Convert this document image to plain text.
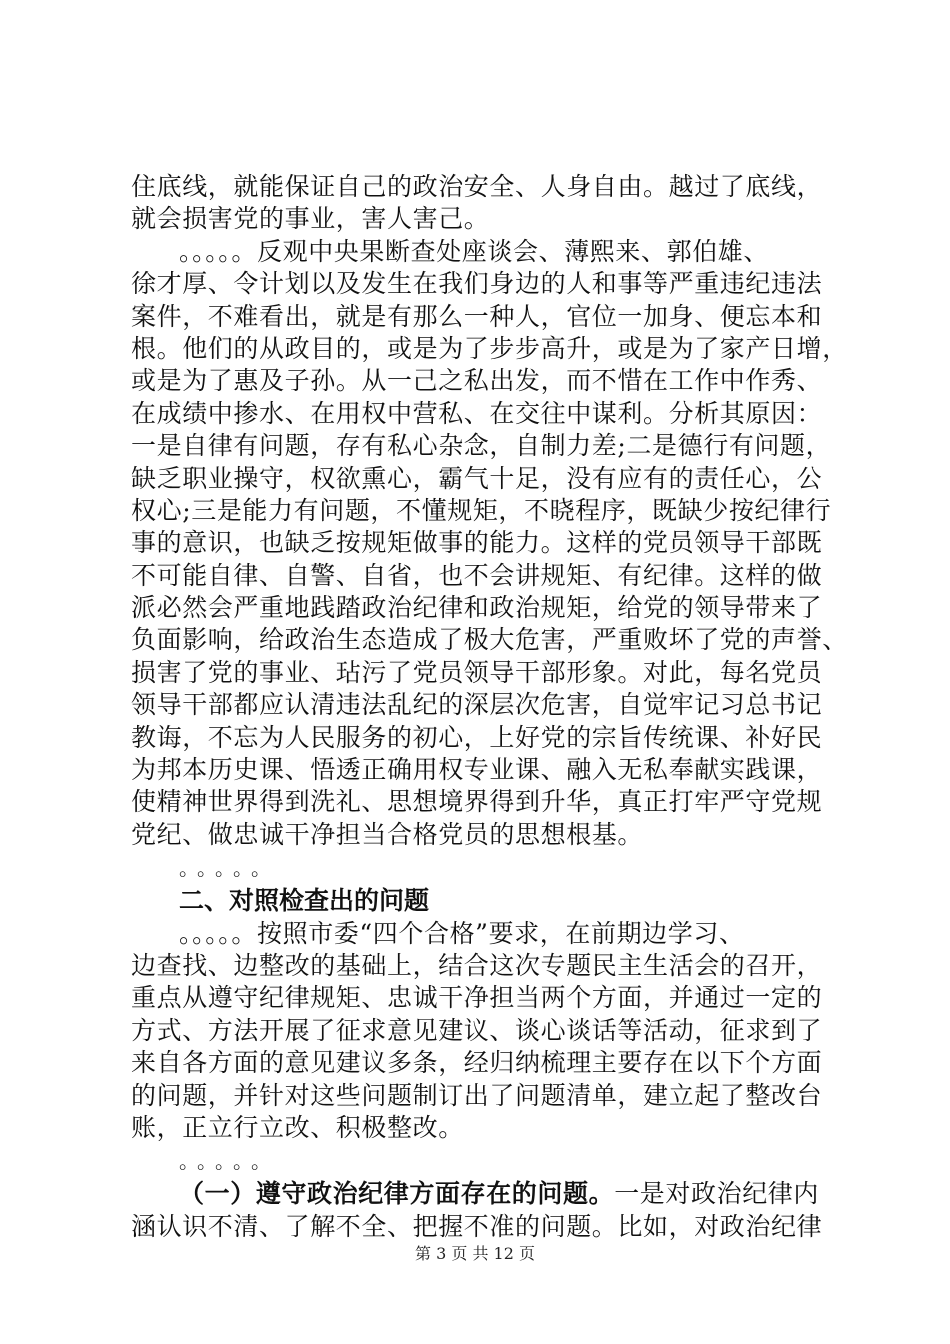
住底线，就能保证自己的政治安全、人身自由。越过了底线，
就会损害党的事业，害人害己。
。。。。。反观中央果断查处座谈会、薄熙来、郭伯雄、
徐才厚、令计划以及发生在我们身边的人和事等严重违纪违法
案件，不难看出，就是有那么一种人，官位一加身、便忘本和
根。他们的从政目的，或是为了步步高升，或是为了家产日增，
或是为了惠及子孙。从一己之私出发，而不惜在工作中作秀、
在成绩中掺水、在用权中营私、在交往中谋利。分析其原因：
一是自律有问题，存有私心杂念，自制力差;二是德行有问题，
缺乏职业操守，权欲熏心，霸气十足，没有应有的责任心，公
权心;三是能力有问题，不懂规矩，不晓程序，既缺少按纪律行
事的意识，也缺乏按规矩做事的能力。这样的党员领导干部既
不可能自律、自警、自省，也不会讲规矩、有纪律。这样的做
派必然会严重地践踏政治纪律和政治规矩，给党的领导带来了
负面影响，给政治生态造成了极大危害，严重败坏了党的声誉、
损害了党的事业、玷污了党员领导干部形象。对此，每名党员
领导干部都应认清违法乱纪的深层次危害，自觉牢记习总书记
教诲，不忘为人民服务的初心，上好党的宗旨传统课、补好民
为邦本历史课、悟透正确用权专业课、融入无私奉献实践课，
使精神世界得到洗礼、思想境界得到升华，真正打牢严守党规
党纪、做忠诚干净担当合格党员的思想根基。
。。。。。
二、对照检查出的问题
。。。。。按照市委“四个合格”要求，在前期边学习、
边查找、边整改的基础上，结合这次专题民主生活会的召开，
重点从遵守纪律规矩、忠诚干净担当两个方面，并通过一定的
方式、方法开展了征求意见建议、谈心谈话等活动，征求到了
来自各方面的意见建议多条，经归纳梳理主要存在以下个方面
的问题，并针对这些问题制订出了问题清单，建立起了整改台
账，正立行立改、积极整改。
。。。。。
（一）遵守政治纪律方面存在的问题。一是对政治纪律内
涵认识不清、了解不全、把握不准的问题。比如，对政治纪律
第 3 页 共 12 页
